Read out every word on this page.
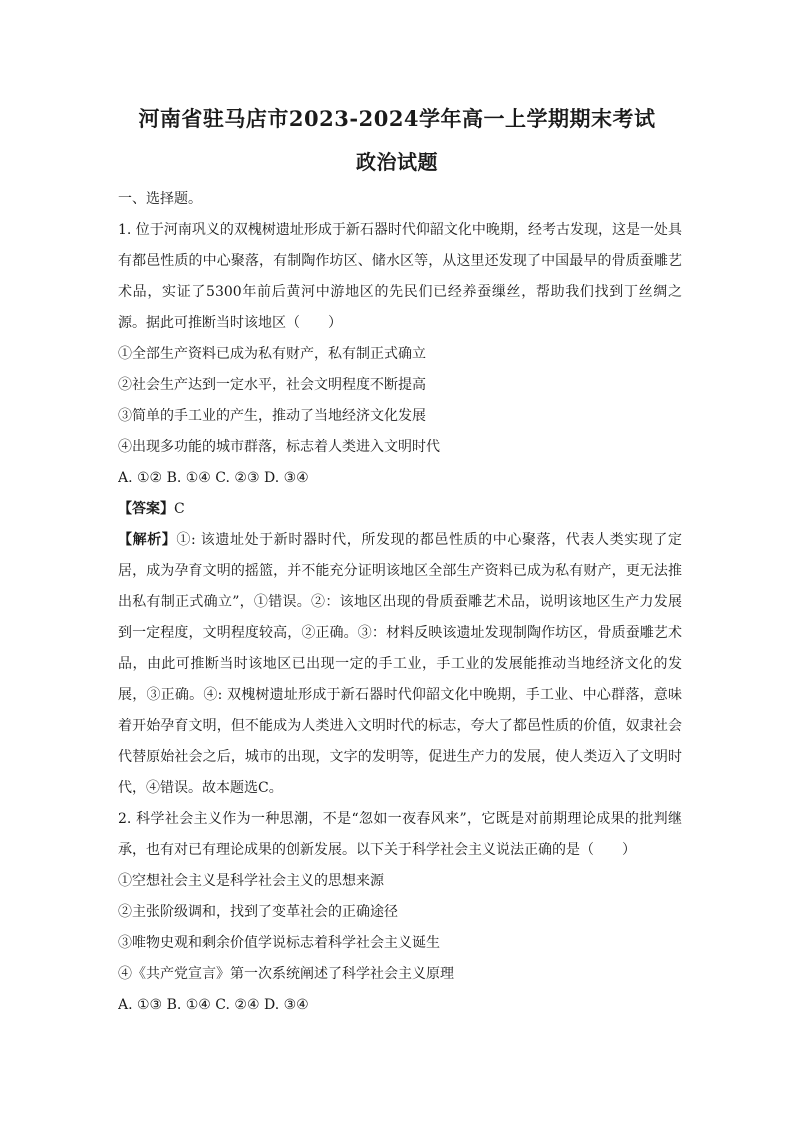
河南省驻马店市2023-2024学年高一上学期期末考试
政治试题
一、选择题。
1. 位于河南巩义的双槐树遗址形成于新石器时代仰韶文化中晚期，经考古发现，这是一处具有都邑性质的中心聚落，有制陶作坊区、储水区等，从这里还发现了中国最早的骨质蚕雕艺术品，实证了5300年前后黄河中游地区的先民们已经养蚕缫丝，帮助我们找到丁丝绸之源。据此可推断当时该地区（　　）
①全部生产资料已成为私有财产，私有制正式确立
②社会生产达到一定水平，社会文明程度不断提高
③简单的手工业的产生，推动了当地经济文化发展
④出现多功能的城市群落，标志着人类进入文明时代
A. ①② B. ①④ C. ②③ D. ③④
【答案】C
【解析】①: 该遗址处于新时器时代，所发现的都邑性质的中心聚落，代表人类实现了定居，成为孕育文明的摇篮，并不能充分证明该地区全部生产资料已成为私有财产，更无法推出私有制正式确立”，①错误。②：该地区出现的骨质蚕雕艺术品，说明该地区生产力发展到一定程度，文明程度较高，②正确。③：材料反映该遗址发现制陶作坊区，骨质蚕雕艺术品，由此可推断当时该地区已出现一定的手工业，手工业的发展能推动当地经济文化的发展，③正确。④: 双槐树遗址形成于新石器时代仰韶文化中晚期，手工业、中心群落，意味着开始孕育文明，但不能成为人类进入文明时代的标志，夸大了都邑性质的价值，奴隶社会代替原始社会之后，城市的出现，文字的发明等，促进生产力的发展，使人类迈入了文明时代，④错误。故本题选C。
2. 科学社会主义作为一种思潮，不是“忽如一夜春风来”，它既是对前期理论成果的批判继承，也有对已有理论成果的创新发展。以下关于科学社会主义说法正确的是（　　）
①空想社会主义是科学社会主义的思想来源
②主张阶级调和，找到了变革社会的正确途径
③唯物史观和剩余价值学说标志着科学社会主义诞生
④《共产党宣言》第一次系统阐述了科学社会主义原理
A. ①③ B. ①④ C. ②④ D. ③④
